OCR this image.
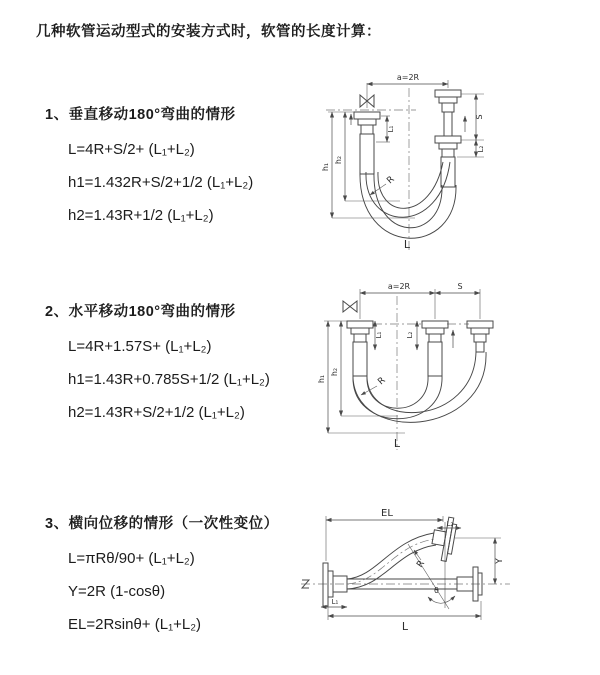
几种软管运动型式的安装方式时，软管的长度计算：
1、垂直移动180°弯曲的情形
L=4R+S/2+ (L₁+L₂)
h1=1.432R+S/2+1/2 (L₁+L₂)
h2=1.43R+1/2 (L₁+L₂)
2、水平移动180°弯曲的情形
L=4R+1.57S+ (L₁+L₂)
h1=1.43R+0.785S+1/2 (L₁+L₂)
h2=1.43R+S/2+1/2 (L₁+L₂)
3、横向位移的情形（一次性变位）
L=πRθ/90+ (L₁+L₂)
Y=2R (1-cosθ)
EL=2Rsinθ+ (L₁+L₂)
a=2R
S
L₂
L₁
h₁
h₂
R
L
a=2R	S
L₁	L₂
h₁
h₂
R
L
θ
EL
L₂
Y
R
L₁
L
